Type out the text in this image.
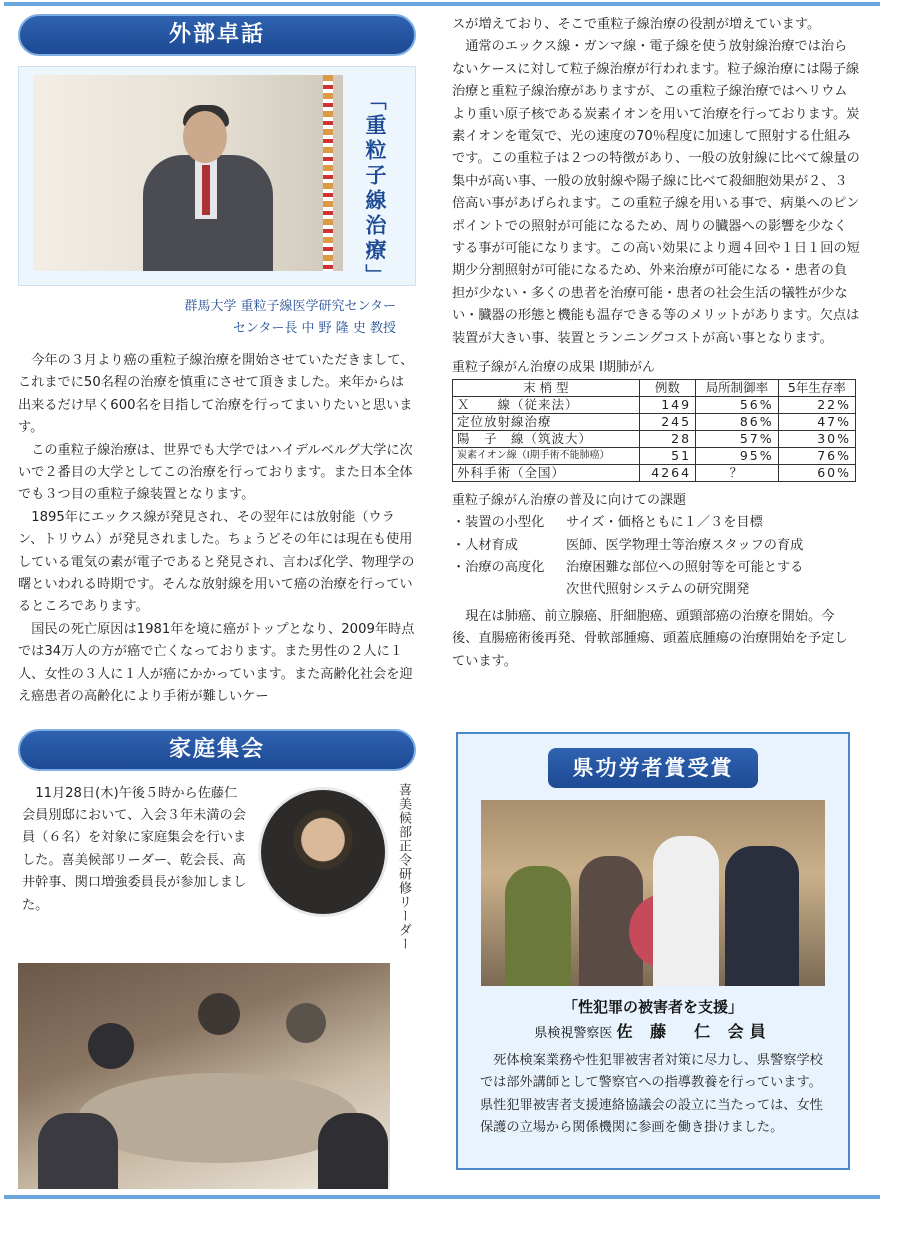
外部卓話
「重粒子線治療」
群馬大学 重粒子線医学研究センター
センター長 中 野 隆 史 教授

今年の３月より癌の重粒子線治療を開始させていただきまして、これまでに50名程の治療を慎重にさせて頂きました。来年からは出来るだけ早く600名を目指して治療を行ってまいりたいと思います。

この重粒子線治療は、世界でも大学ではハイデルベルグ大学に次いで２番目の大学としてこの治療を行っております。また日本全体でも３つ目の重粒子線装置となります。

1895年にエックス線が発見され、その翌年には放射能（ウラン、トリウム）が発見されました。ちょうどその年には現在も使用している電気の素が電子であると発見され、言わば化学、物理学の曙といわれる時期です。そんな放射線を用いて癌の治療を行っているところであります。

国民の死亡原因は1981年を境に癌がトップとなり、2009年時点では34万人の方が癌で亡くなっております。また男性の２人に１人、女性の３人に１人が癌にかかっています。また高齢化社会を迎え癌患者の高齢化により手術が難しいケー

家庭集会

11月28日(木)午後５時から佐藤仁会員別邸において、入会３年未満の会員（６名）を対象に家庭集会を行いました。喜美候部リーダー、乾会長、高井幹事、関口増強委員長が参加しました。	喜美候部正令研修リーダー

スが増えており、そこで重粒子線治療の役割が増えています。

通常のエックス線・ガンマ線・電子線を使う放射線治療では治らないケースに対して粒子線治療が行われます。粒子線治療には陽子線治療と重粒子線治療がありますが、この重粒子線治療ではヘリウムより重い原子核である炭素イオンを用いて治療を行っております。炭素イオンを電気で、光の速度の70％程度に加速して照射する仕組みです。この重粒子は２つの特徴があり、一般の放射線に比べて線量の集中が高い事、一般の放射線や陽子線に比べて殺細胞効果が２、３倍高い事があげられます。この重粒子線を用いる事で、病巣へのピンポイントでの照射が可能になるため、周りの臓器への影響を少なくする事が可能になります。この高い効果により週４回や１日１回の短期少分割照射が可能になるため、外来治療が可能になる・患者の負担が少ない・多くの患者を治療可能・患者の社会生活の犠牲が少ない・臓器の形態と機能も温存できる等のメリットがあります。欠点は装置が大きい事、装置とランニングコストが高い事となります。

重粒子線がん治療の成果 Ⅰ期肺がん
末 梢 型	例数	局所制御率	5年生存率
Ｘ　　線（従来法）	149	56%	22%
定位放射線治療	245	86%	47%
陽　子　線（筑波大）	28	57%	30%
炭素イオン線（Ⅰ期手術不能肺癌）	51	95%	76%
外科手術（全国）	4264	？	60%
重粒子線がん治療の普及に向けての課題
・装置の小型化	サイズ・価格ともに１／３を目標
・人材育成	医師、医学物理士等治療スタッフの育成
・治療の高度化	治療困難な部位への照射等を可能とする
次世代照射システムの研究開発

現在は肺癌、前立腺癌、肝細胞癌、頭頸部癌の治療を開始。今後、直腸癌術後再発、骨軟部腫瘍、頭蓋底腫瘍の治療開始を予定しています。

県功労者賞受賞
「性犯罪の被害者を支援」
県検視警察医 佐 藤　仁 会員

死体検案業務や性犯罪被害者対策に尽力し、県警察学校では部外講師として警察官への指導教養を行っています。県性犯罪被害者支援連絡協議会の設立に当たっては、女性保護の立場から関係機関に参画を働き掛けました。
